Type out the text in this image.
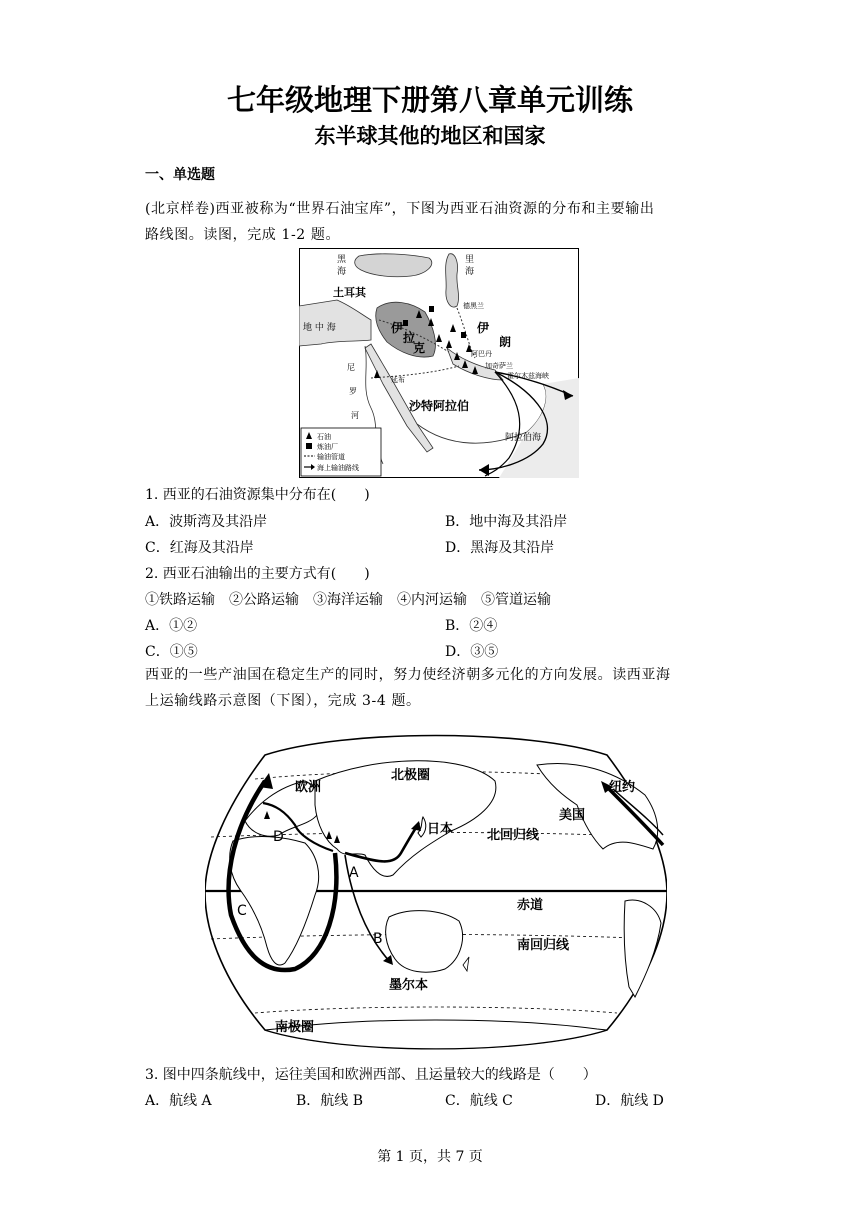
七年级地理下册第八章单元训练
东半球其他的地区和国家
一、单选题
(北京样卷)西亚被称为“世界石油宝库”，下图为西亚石油资源的分布和主要输出
路线图。读图，完成 1-2 题。
黑
海
里
海
土耳其
地 中 海	伊
拉
克
伊
朗
德黑兰
阿巴丹
加奇萨兰
霍尔木兹海峡
延布
沙特阿拉伯
阿拉伯海
尼
罗
河
石油
炼油厂
输油管道
海上输油路线
1. 西亚的石油资源集中分布在(　　)
A．波斯湾及其沿岸	B．地中海及其沿岸
C．红海及其沿岸	D．黑海及其沿岸
2. 西亚石油输出的主要方式有(　　)
①铁路运输　②公路运输　③海洋运输　④内河运输　⑤管道运输
A．①②	B．②④
C．①⑤	D．③⑤
西亚的一些产油国在稳定生产的同时，努力使经济朝多元化的方向发展。读西亚海
上运输线路示意图（下图），完成 3-4 题。
北极圈
欧洲	纽约
美国
日本	北回归线
赤道
南回归线
墨尔本
南极圈
A
B
C
D
3. 图中四条航线中，运往美国和欧洲西部、且运量较大的线路是（　　）
A．航线 A	B．航线 B	C．航线 C	D．航线 D
第 1 页，共 7 页
